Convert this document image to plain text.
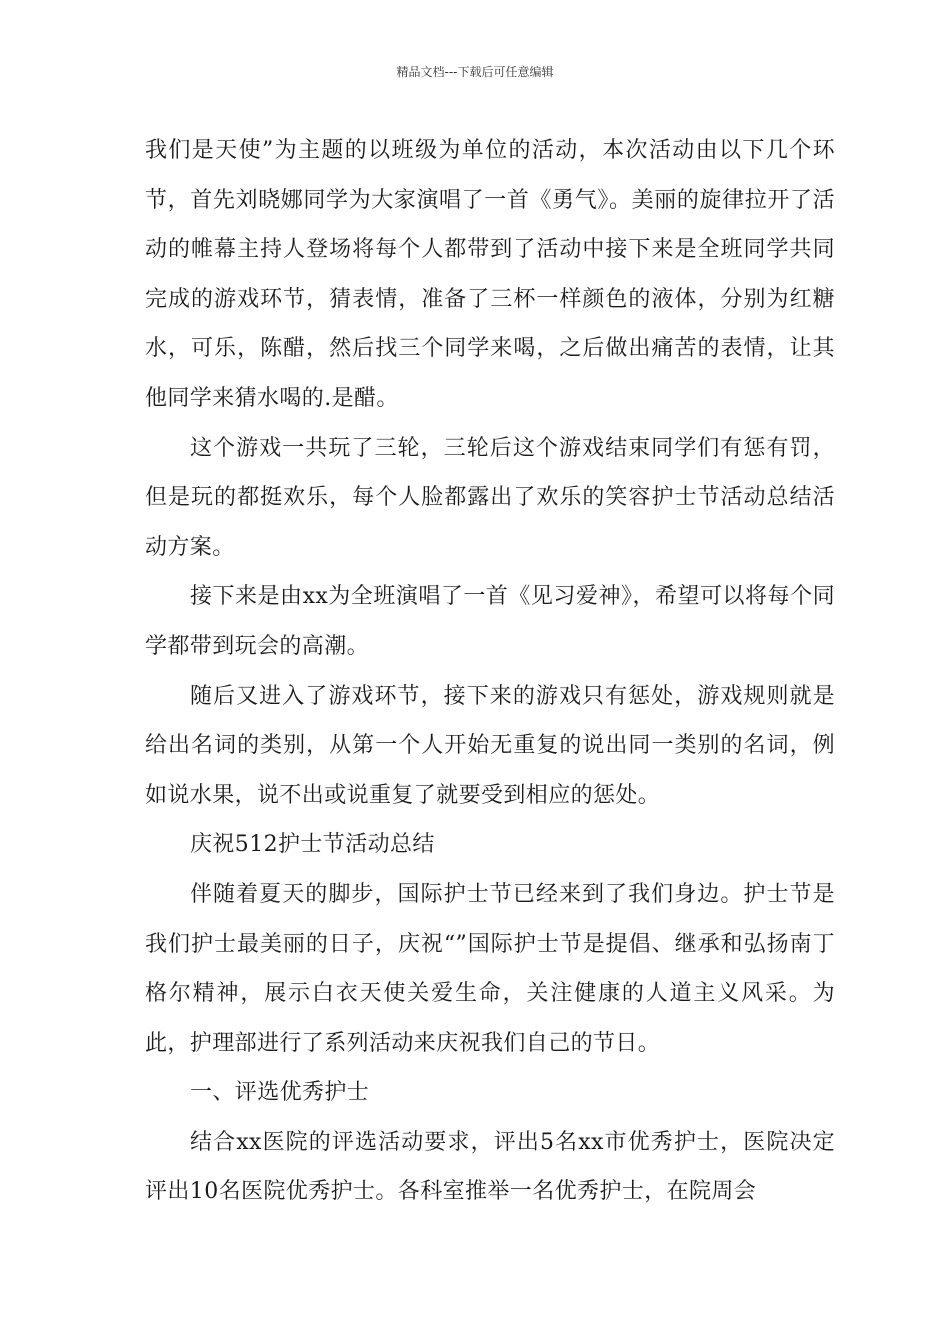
精品文档---下载后可任意编辑

我们是天使”为主题的以班级为单位的活动，本次活动由以下几个环节，首先刘晓娜同学为大家演唱了一首《勇气》。美丽的旋律拉开了活动的帷幕主持人登场将每个人都带到了活动中接下来是全班同学共同完成的游戏环节，猜表情，准备了三杯一样颜色的液体，分别为红糖水，可乐，陈醋，然后找三个同学来喝，之后做出痛苦的表情，让其他同学来猜水喝的.是醋。

这个游戏一共玩了三轮，三轮后这个游戏结束同学们有惩有罚，但是玩的都挺欢乐，每个人脸都露出了欢乐的笑容护士节活动总结活动方案。

接下来是由xx为全班演唱了一首《见习爱神》，希望可以将每个同学都带到玩会的高潮。

随后又进入了游戏环节，接下来的游戏只有惩处，游戏规则就是给出名词的类别，从第一个人开始无重复的说出同一类别的名词，例如说水果，说不出或说重复了就要受到相应的惩处。

庆祝512护士节活动总结

伴随着夏天的脚步，国际护士节已经来到了我们身边。护士节是我们护士最美丽的日子，庆祝“”国际护士节是提倡、继承和弘扬南丁格尔精神，展示白衣天使关爱生命，关注健康的人道主义风采。为此，护理部进行了系列活动来庆祝我们自己的节日。

一、评选优秀护士

结合xx医院的评选活动要求，评出5名xx市优秀护士，医院决定评出10名医院优秀护士。各科室推举一名优秀护士，在院周会
